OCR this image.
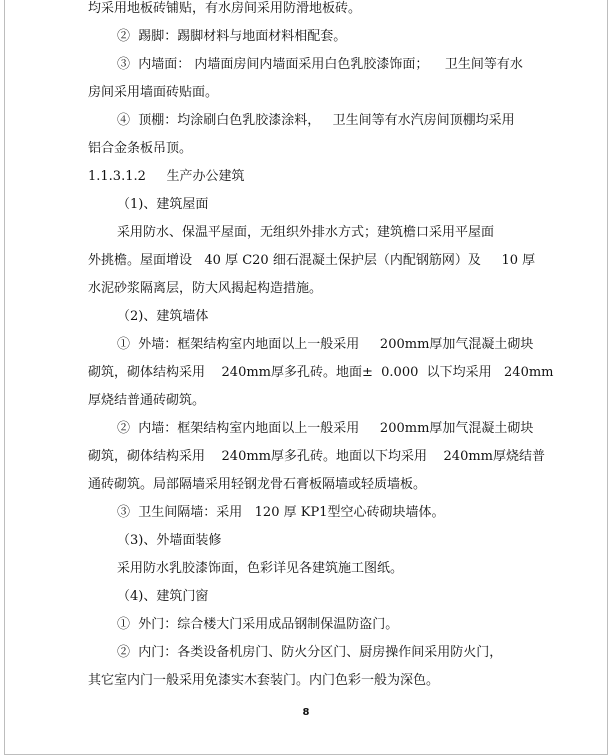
均采用地板砖铺贴，有水房间采用防滑地板砖。
②  踢脚：踢脚材料与地面材料相配套。
③  内墙面： 内墙面房间内墙面采用白色乳胶漆饰面；    卫生间等有水
房间采用墙面砖贴面。
④  顶棚：均涂刷白色乳胶漆涂料，   卫生间等有水汽房间顶棚均采用
铝合金条板吊顶。
1.1.3.1.2     生产办公建筑
（1)、建筑屋面
采用防水、保温平屋面，无组织外排水方式；建筑檐口采用平屋面
外挑檐。屋面增设   40 厚 C20 细石混凝土保护层（内配钢筋网）及     10 厚
水泥砂浆隔离层，防大风揭起构造措施。
（2)、建筑墙体
①  外墙：框架结构室内地面以上一般采用     200mm厚加气混凝土砌块
砌筑，砌体结构采用    240mm厚多孔砖。地面±  0.000  以下均采用   240mm
厚烧结普通砖砌筑。
②  内墙：框架结构室内地面以上一般采用     200mm厚加气混凝土砌块
砌筑，砌体结构采用    240mm厚多孔砖。地面以下均采用    240mm厚烧结普
通砖砌筑。局部隔墙采用轻钢龙骨石膏板隔墙或轻质墙板。
③  卫生间隔墙：采用   120 厚 KP1型空心砖砌块墙体。
（3)、外墙面装修
采用防水乳胶漆饰面，色彩详见各建筑施工图纸。
（4)、建筑门窗
①  外门：综合楼大门采用成品钢制保温防盗门。
②  内门：各类设备机房门、防火分区门、厨房操作间采用防火门，
其它室内门一般采用免漆实木套装门。内门色彩一般为深色。
8
